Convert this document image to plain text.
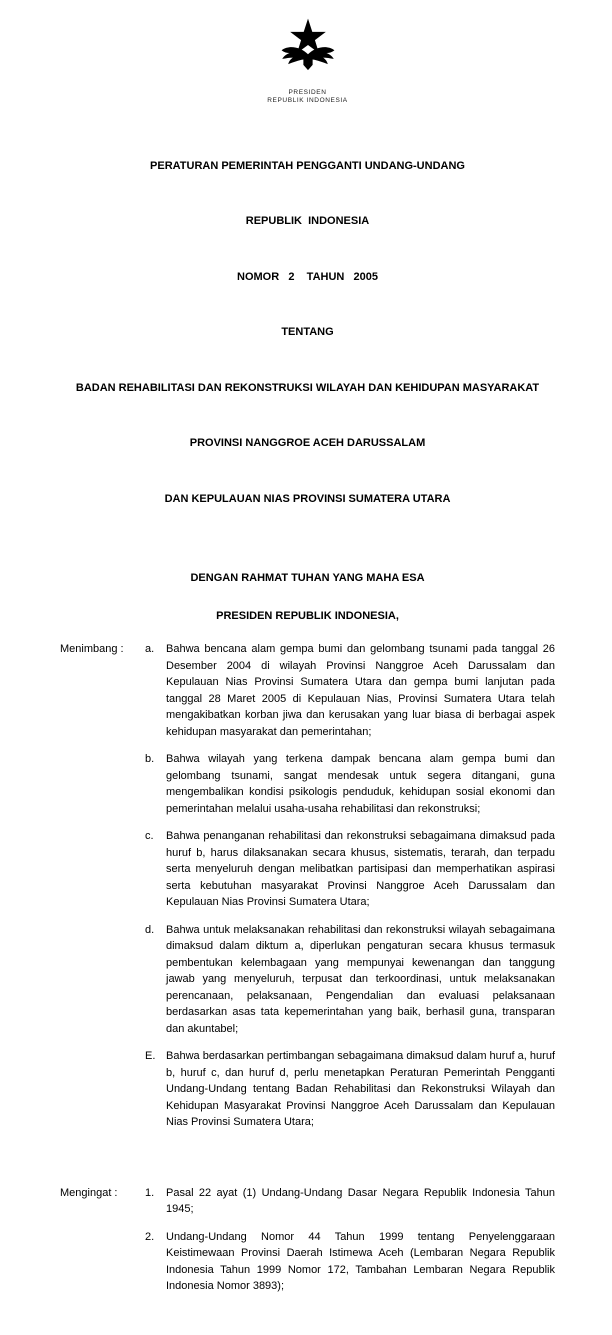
PRESIDEN
REPUBLIK INDONESIA

PERATURAN PEMERINTAH PENGGANTI UNDANG-UNDANG

REPUBLIK  INDONESIA

NOMOR   2    TAHUN   2005

TENTANG

BADAN REHABILITASI DAN REKONSTRUKSI WILAYAH DAN KEHIDUPAN MASYARAKAT

PROVINSI NANGGROE ACEH DARUSSALAM

DAN KEPULAUAN NIAS PROVINSI SUMATERA UTARA

DENGAN RAHMAT TUHAN YANG MAHA ESA
PRESIDEN REPUBLIK INDONESIA,
Menimbang :	a.	Bahwa bencana alam gempa bumi dan gelombang tsunami pada tanggal 26 Desember 2004 di wilayah Provinsi Nanggroe Aceh Darussalam dan Kepulauan Nias Provinsi Sumatera Utara dan gempa bumi lanjutan pada tanggal 28 Maret 2005 di Kepulauan Nias, Provinsi Sumatera Utara telah mengakibatkan korban jiwa dan kerusakan yang luar biasa di berbagai aspek kehidupan masyarakat dan pemerintahan;
b.	Bahwa wilayah yang terkena dampak bencana alam gempa bumi dan gelombang tsunami, sangat mendesak untuk segera ditangani, guna mengembalikan kondisi psikologis penduduk, kehidupan sosial ekonomi dan pemerintahan melalui usaha-usaha rehabilitasi dan rekonstruksi;
c.	Bahwa penanganan rehabilitasi dan rekonstruksi sebagaimana dimaksud pada huruf b, harus dilaksanakan secara khusus, sistematis, terarah, dan terpadu serta menyeluruh dengan melibatkan partisipasi dan memperhatikan aspirasi serta kebutuhan masyarakat Provinsi Nanggroe Aceh Darussalam dan Kepulauan Nias Provinsi Sumatera Utara;
d.	Bahwa untuk melaksanakan rehabilitasi dan rekonstruksi wilayah sebagaimana dimaksud dalam diktum a, diperlukan pengaturan secara khusus termasuk pembentukan kelembagaan yang mempunyai kewenangan dan tanggung jawab yang menyeluruh, terpusat dan terkoordinasi, untuk melaksanakan perencanaan, pelaksanaan, Pengendalian dan evaluasi pelaksanaan berdasarkan asas tata kepemerintahan yang baik, berhasil guna, transparan dan akuntabel;
E. Bahwa berdasarkan pertimbangan sebagaimana dimaksud dalam huruf a, huruf b, huruf c, dan huruf d, perlu menetapkan Peraturan Pemerintah Pengganti Undang-Undang tentang Badan Rehabilitasi dan Rekonstruksi Wilayah dan Kehidupan Masyarakat Provinsi Nanggroe Aceh Darussalam dan Kepulauan Nias Provinsi Sumatera Utara;
Mengingat :	1.	Pasal 22 ayat (1) Undang-Undang Dasar Negara Republik Indonesia Tahun 1945;
2.	Undang-Undang Nomor 44 Tahun 1999 tentang Penyelenggaraan Keistimewaan Provinsi Daerah Istimewa Aceh (Lembaran Negara Republik Indonesia Tahun 1999 Nomor 172, Tambahan Lembaran Negara Republik Indonesia Nomor 3893);
